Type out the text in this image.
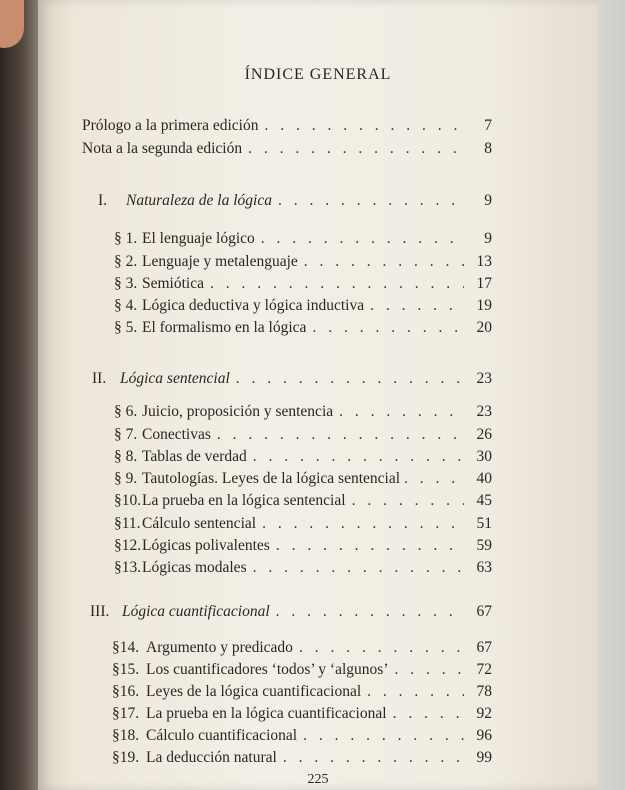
ÍNDICE GENERAL
Prólogo a la primera edición . . .	7
Nota a la segunda edición . . .	8
I.	Naturaleza de la lógica . . .	9
§ 1. El lenguaje lógico . . .	9
§ 2. Lenguaje y metalenguaje . . .	13
§ 3. Semiótica . . .	17
§ 4. Lógica deductiva y lógica inductiva . . .	19
§ 5. El formalismo en la lógica . . .	20
II. Lógica sentencial . . .	23
§ 6. Juicio, proposición y sentencia . . .	23
§ 7. Conectivas . . .	26
§ 8. Tablas de verdad . . .	30
§ 9. Tautologías. Leyes de la lógica sentencial . . .	40
§10. La prueba en la lógica sentencial . . .	45
§11. Cálculo sentencial . . .	51
§12. Lógicas polivalentes . . .	59
§13. Lógicas modales . . .	63
III. Lógica cuantificacional . . .	67
§14. Argumento y predicado . . .	67
§15. Los cuantificadores ‘todos’ y ‘algunos’ . . .	72
§16. Leyes de la lógica cuantificacional . . .	78
§17. La prueba en la lógica cuantificacional . . .	92
§18. Cálculo cuantificacional . . .	96
§19. La deducción natural . . .	99
225
